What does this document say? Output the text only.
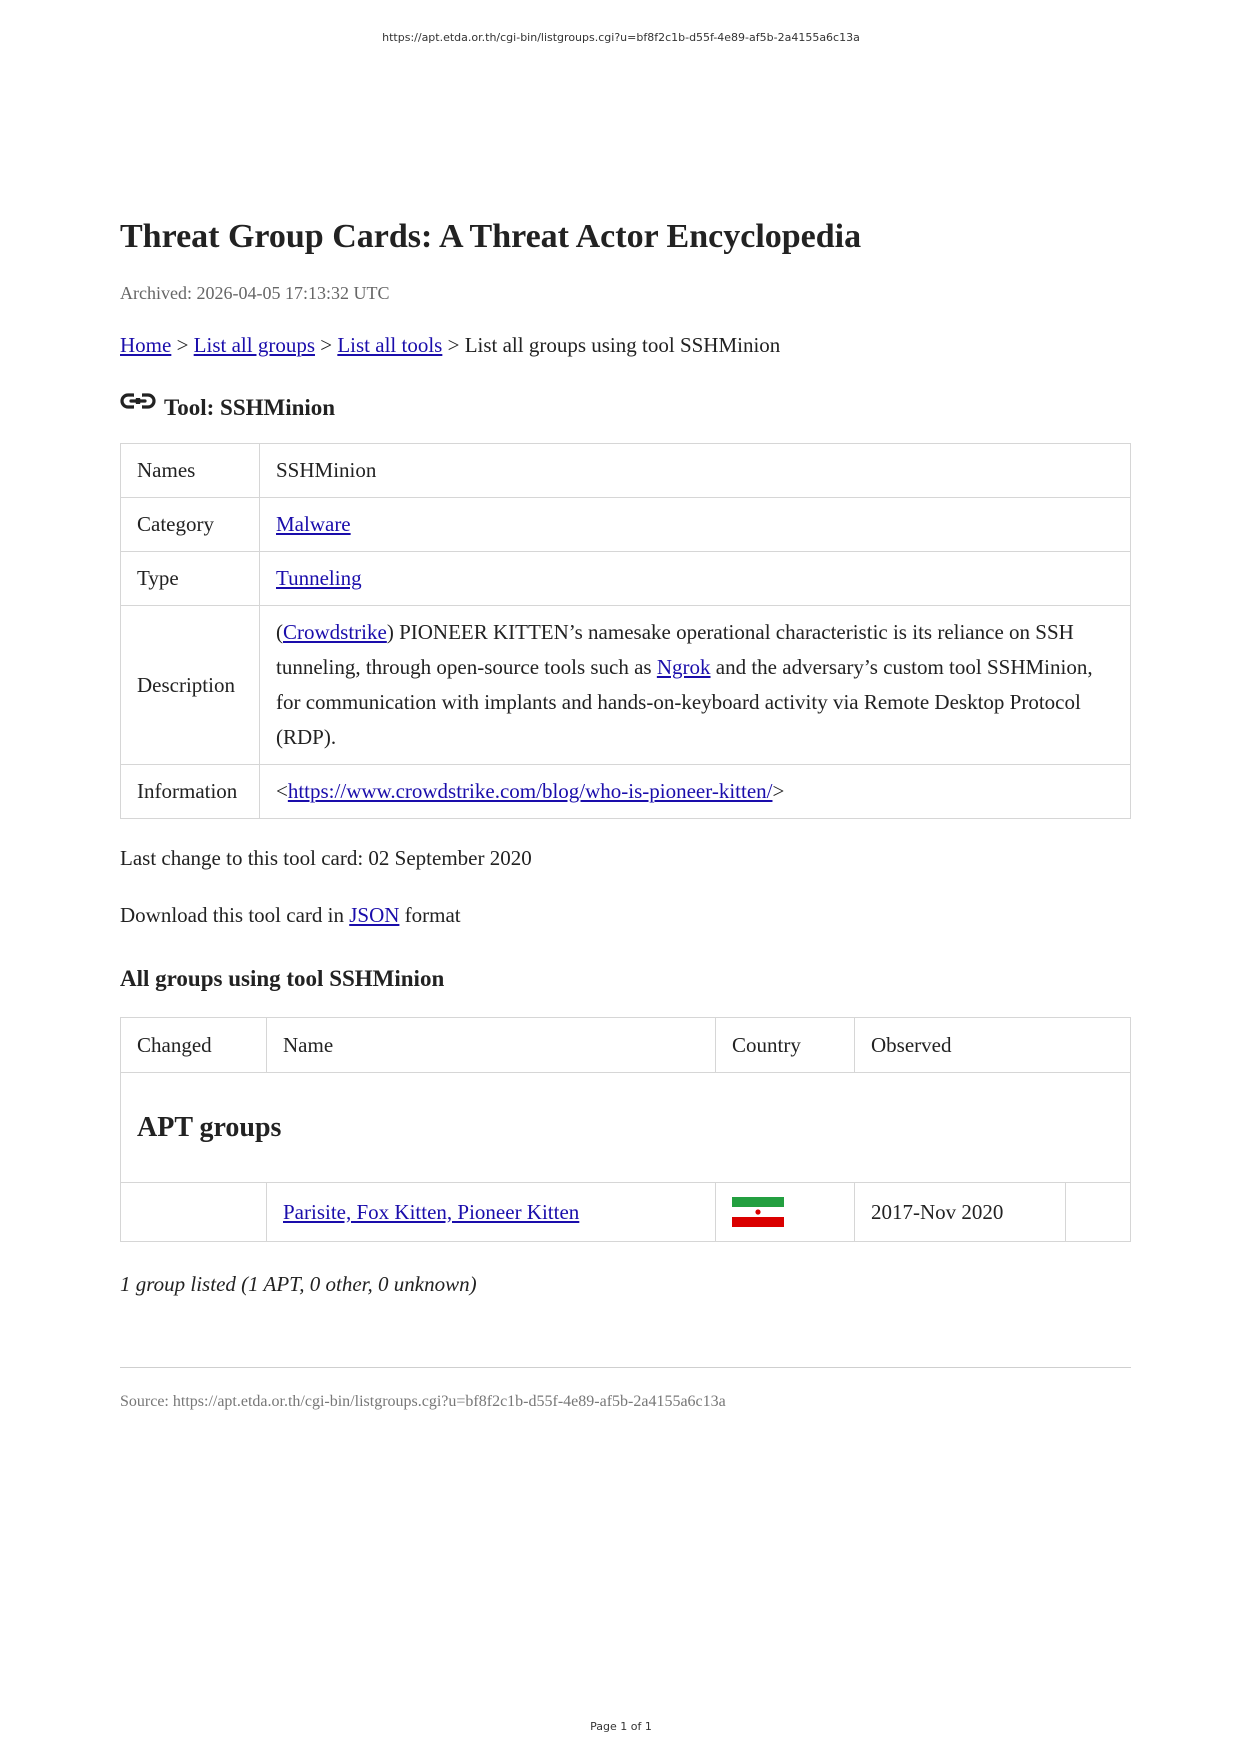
https://apt.etda.or.th/cgi-bin/listgroups.cgi?u=bf8f2c1b-d55f-4e89-af5b-2a4155a6c13a
Threat Group Cards: A Threat Actor Encyclopedia
Archived: 2026-04-05 17:13:32 UTC
Home > List all groups > List all tools > List all groups using tool SSHMinion
Tool: SSHMinion
Names	SSHMinion
Category	Malware
Type	Tunneling
Description	(Crowdstrike) PIONEER KITTEN’s namesake operational characteristic is its reliance on SSH tunneling, through open-source tools such as Ngrok and the adversary’s custom tool SSHMinion, for communication with implants and hands-on-keyboard activity via Remote Desktop Protocol (RDP).
Information	<https://www.crowdstrike.com/blog/who-is-pioneer-kitten/>
Last change to this tool card: 02 September 2020
Download this tool card in JSON format
All groups using tool SSHMinion
Changed	Name	Country	Observed	
APT groups				
	Parisite, Fox Kitten, Pioneer Kitten		2017-Nov 2020	
1 group listed (1 APT, 0 other, 0 unknown)
Source: https://apt.etda.or.th/cgi-bin/listgroups.cgi?u=bf8f2c1b-d55f-4e89-af5b-2a4155a6c13a
Page 1 of 1
